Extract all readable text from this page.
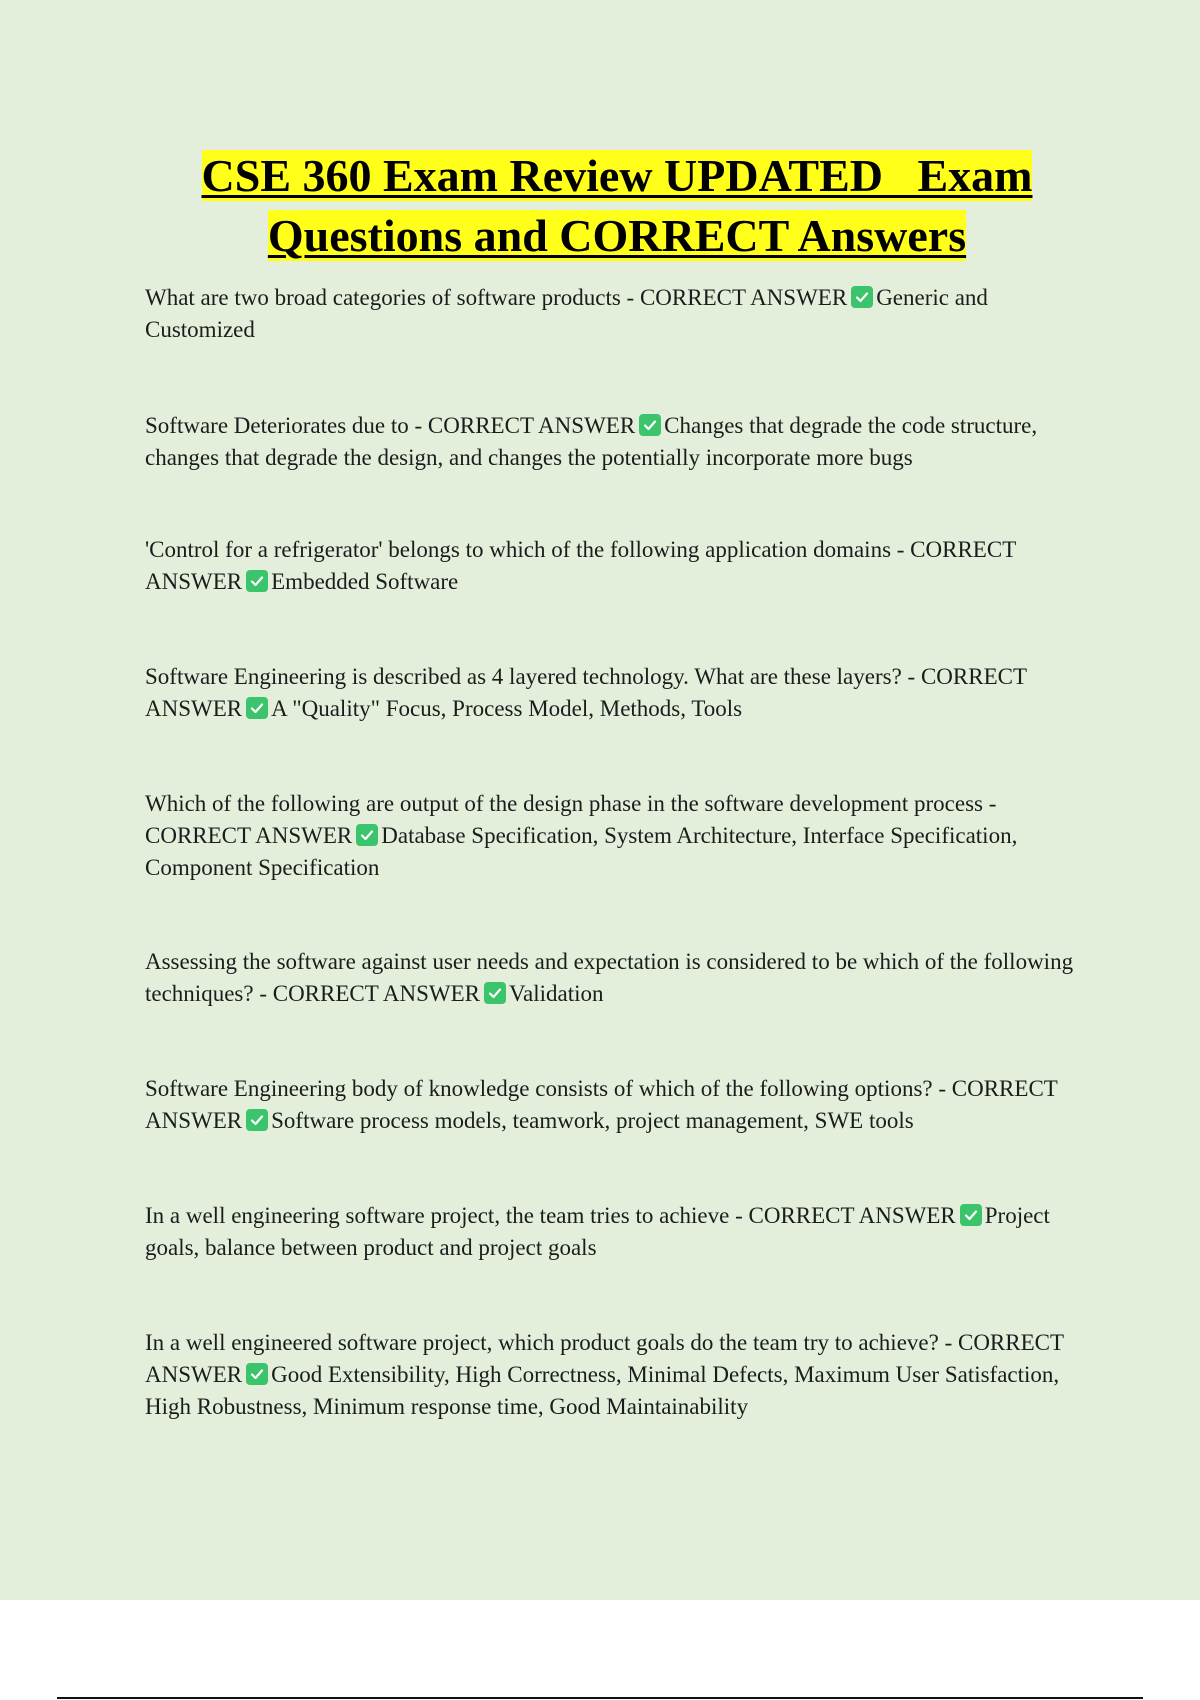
CSE 360 Exam Review UPDATED   Exam
Questions and CORRECT Answers
What are two broad categories of software products - CORRECT ANSWER Generic and Customized
Software Deteriorates due to - CORRECT ANSWER Changes that degrade the code structure, changes that degrade the design, and changes the potentially incorporate more bugs
'Control for a refrigerator' belongs to which of the following application domains - CORRECT ANSWER Embedded Software
Software Engineering is described as 4 layered technology. What are these layers? - CORRECT ANSWER A "Quality" Focus, Process Model, Methods, Tools
Which of the following are output of the design phase in the software development process - CORRECT ANSWER Database Specification, System Architecture, Interface Specification, Component Specification
Assessing the software against user needs and expectation is considered to be which of the following techniques? - CORRECT ANSWER Validation
Software Engineering body of knowledge consists of which of the following options? - CORRECT ANSWER Software process models, teamwork, project management, SWE tools
In a well engineering software project, the team tries to achieve - CORRECT ANSWER Project goals, balance between product and project goals
In a well engineered software project, which product goals do the team try to achieve? - CORRECT ANSWER Good Extensibility, High Correctness, Minimal Defects, Maximum User Satisfaction, High Robustness, Minimum response time, Good Maintainability
